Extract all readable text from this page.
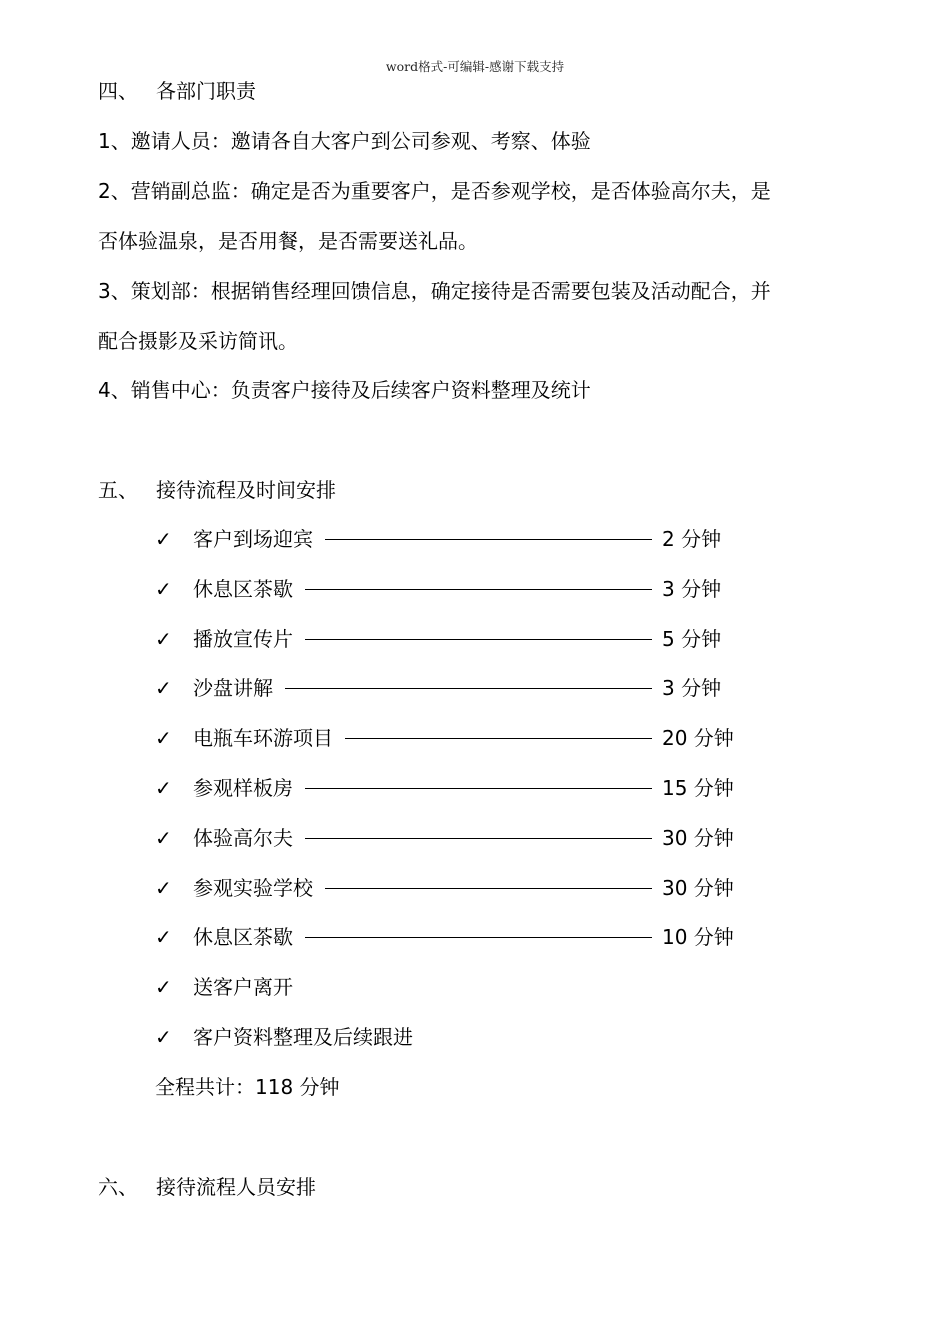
word格式-可编辑-感谢下载支持
四、 各部门职责
1、邀请人员：邀请各自大客户到公司参观、考察、体验
2、营销副总监：确定是否为重要客户，是否参观学校，是否体验高尔夫，是
否体验温泉，是否用餐，是否需要送礼品。
3、策划部：根据销售经理回馈信息，确定接待是否需要包装及活动配合，并
配合摄影及采访简讯。
4、销售中心：负责客户接待及后续客户资料整理及统计
五、 接待流程及时间安排
✓ 客户到场迎宾	2 分钟
✓ 休息区茶歇	3 分钟
✓ 播放宣传片	5 分钟
✓ 沙盘讲解	3 分钟
✓ 电瓶车环游项目	20 分钟
✓ 参观样板房	15 分钟
✓ 体验高尔夫	30 分钟
✓ 参观实验学校	30 分钟
✓ 休息区茶歇	10 分钟
✓ 送客户离开
✓ 客户资料整理及后续跟进
全程共计：118 分钟
六、 接待流程人员安排
